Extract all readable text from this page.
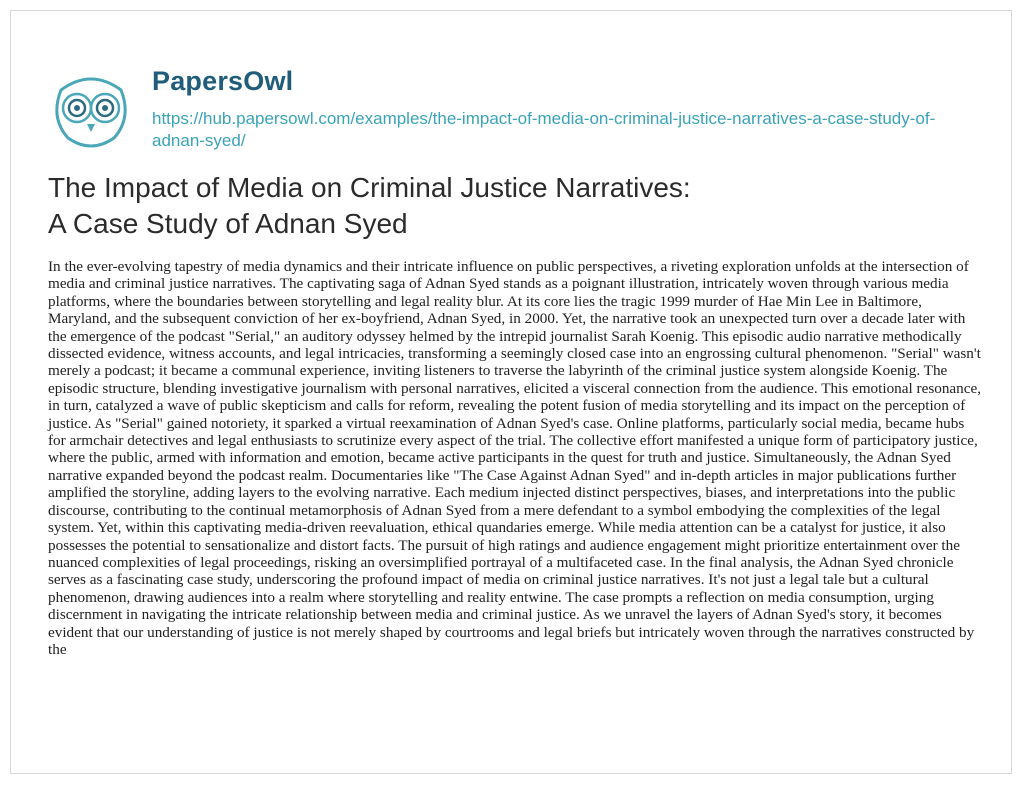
PapersOwl
https://hub.papersowl.com/examples/the-impact-of-media-on-criminal-justice-narratives-a-case-study-of-adnan-syed/
The Impact of Media on Criminal Justice Narratives:
A Case Study of Adnan Syed

In the ever-evolving tapestry of media dynamics and their intricate influence on public perspectives, a riveting exploration unfolds at the intersection of media and criminal justice narratives. The captivating saga of Adnan Syed stands as a poignant illustration, intricately woven through various media platforms, where the boundaries between storytelling and legal reality blur. At its core lies the tragic 1999 murder of Hae Min Lee in Baltimore, Maryland, and the subsequent conviction of her ex-boyfriend, Adnan Syed, in 2000. Yet, the narrative took an unexpected turn over a decade later with the emergence of the podcast "Serial," an auditory odyssey helmed by the intrepid journalist Sarah Koenig. This episodic audio narrative methodically dissected evidence, witness accounts, and legal intricacies, transforming a seemingly closed case into an engrossing cultural phenomenon. "Serial" wasn't merely a podcast; it became a communal experience, inviting listeners to traverse the labyrinth of the criminal justice system alongside Koenig. The episodic structure, blending investigative journalism with personal narratives, elicited a visceral connection from the audience. This emotional resonance, in turn, catalyzed a wave of public skepticism and calls for reform, revealing the potent fusion of media storytelling and its impact on the perception of justice. As "Serial" gained notoriety, it sparked a virtual reexamination of Adnan Syed's case. Online platforms, particularly social media, became hubs for armchair detectives and legal enthusiasts to scrutinize every aspect of the trial. The collective effort manifested a unique form of participatory justice, where the public, armed with information and emotion, became active participants in the quest for truth and justice. Simultaneously, the Adnan Syed narrative expanded beyond the podcast realm. Documentaries like "The Case Against Adnan Syed" and in-depth articles in major publications further amplified the storyline, adding layers to the evolving narrative. Each medium injected distinct perspectives, biases, and interpretations into the public discourse, contributing to the continual metamorphosis of Adnan Syed from a mere defendant to a symbol embodying the complexities of the legal system. Yet, within this captivating media-driven reevaluation, ethical quandaries emerge. While media attention can be a catalyst for justice, it also possesses the potential to sensationalize and distort facts. The pursuit of high ratings and audience engagement might prioritize entertainment over the nuanced complexities of legal proceedings, risking an oversimplified portrayal of a multifaceted case. In the final analysis, the Adnan Syed chronicle serves as a fascinating case study, underscoring the profound impact of media on criminal justice narratives. It's not just a legal tale but a cultural phenomenon, drawing audiences into a realm where storytelling and reality entwine. The case prompts a reflection on media consumption, urging discernment in navigating the intricate relationship between media and criminal justice. As we unravel the layers of Adnan Syed's story, it becomes evident that our understanding of justice is not merely shaped by courtrooms and legal briefs but intricately woven through the narratives constructed by the
